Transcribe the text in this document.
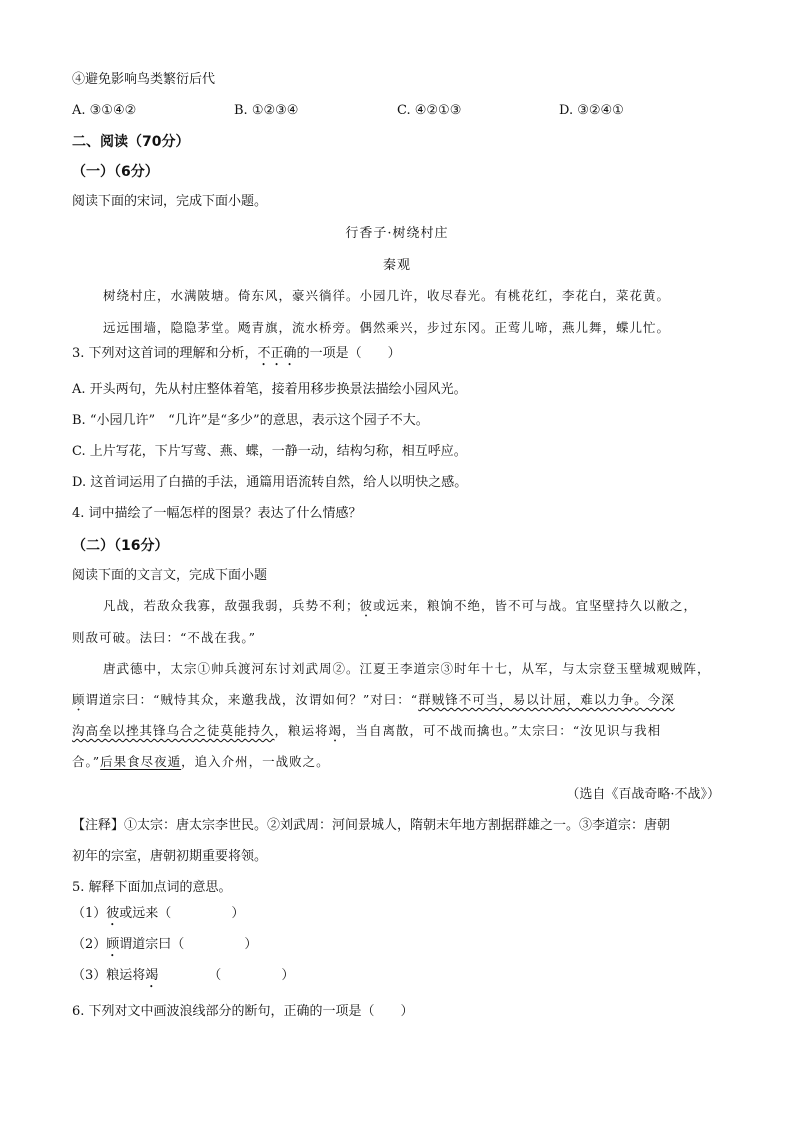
④避免影响鸟类繁衍后代
A. ③①④②	B. ①②③④	C. ④②①③	D. ③②④①
二、阅读（70分）
（一）（6分）
阅读下面的宋词，完成下面小题。
行香子·树绕村庄
秦观
树绕村庄，水满陂塘。倚东风，豪兴徜徉。小园几许，收尽春光。有桃花红，李花白，菜花黄。
远远围墙，隐隐茅堂。飏青旗，流水桥旁。偶然乘兴，步过东冈。正莺儿啼，燕儿舞，蝶儿忙。
3. 下列对这首词的理解和分析，不正确的一项是（　　）
A. 开头两句，先从村庄整体着笔，接着用移步换景法描绘小园风光。
B. “小园几许”　“几许”是“多少”的意思，表示这个园子不大。
C. 上片写花，下片写莺、燕、蝶，一静一动，结构匀称，相互呼应。
D. 这首词运用了白描的手法，通篇用语流转自然，给人以明快之感。
4. 词中描绘了一幅怎样的图景？表达了什么情感？
（二）（16分）
阅读下面的文言文，完成下面小题
凡战，若敌众我寡，敌强我弱，兵势不利；彼或远来，粮饷不绝，皆不可与战。宜坚壁持久以敝之，
则敌可破。法曰：“不战在我。”
唐武德中，太宗①帅兵渡河东讨刘武周②。江夏王李道宗③时年十七，从军，与太宗登玉壁城观贼阵，
顾谓道宗曰：“贼恃其众，来邀我战，汝谓如何？”对曰：“群贼锋不可当，易以计屈，难以力争。今深
沟高垒以挫其锋乌合之徒莫能持久，粮运将竭，当自离散，可不战而擒也。”太宗曰：“汝见识与我相
合。”后果食尽夜遁，追入介州，一战败之。
（选自《百战奇略·不战》）
【注释】①太宗：唐太宗李世民。②刘武周：河间景城人，隋朝末年地方割据群雄之一。③李道宗：唐朝
初年的宗室，唐朝初期重要将领。
5. 解释下面加点词的意思。
（1）彼或远来（	）
（2）顾谓道宗曰（	）
（3）粮运将竭	（	）
6. 下列对文中画波浪线部分的断句，正确的一项是（　　）
